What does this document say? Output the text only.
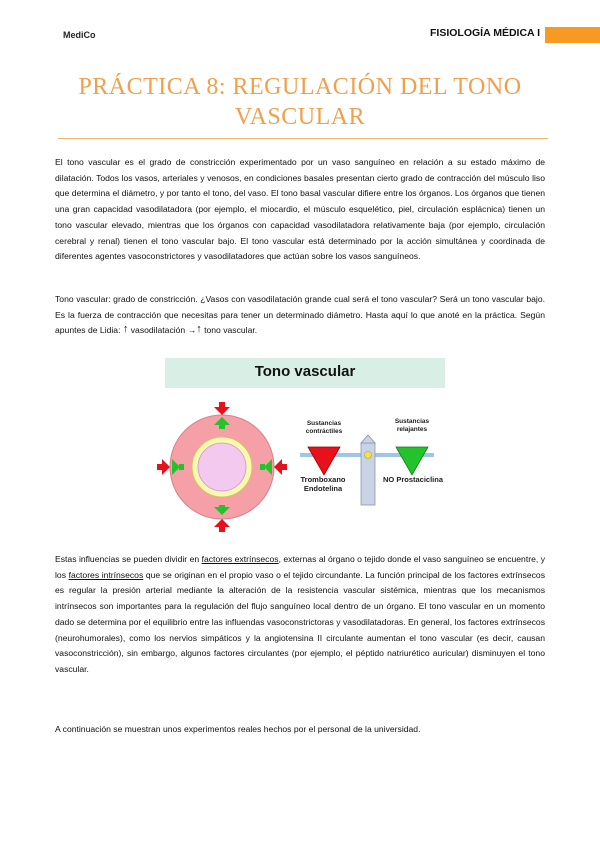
MediCo	FISIOLOGÍA MÉDICA I
PRÁCTICA 8: REGULACIÓN DEL TONO
VASCULAR
El tono vascular es el grado de constricción experimentado por un vaso sanguíneo en relación a su estado máximo de dilatación. Todos los vasos, arteriales y venosos, en condiciones basales presentan cierto grado de contracción del músculo liso que determina el diámetro, y por tanto el tono, del vaso. El tono basal vascular difiere entre los órganos. Los órganos que tienen una gran capacidad vasodilatadora (por ejemplo, el miocardio, el músculo esquelético, piel, circulación esplácnica) tienen un tono vascular elevado, mientras que los órganos con capacidad vasodilatadora relativamente baja (por ejemplo, circulación cerebral y renal) tienen el tono vascular bajo. El tono vascular está determinado por la acción simultánea y coordinada de diferentes agentes vasoconstrictores y vasodilatadores que actúan sobre los vasos sanguíneos.
Tono vascular: grado de constricción. ¿Vasos con vasodilatación grande cual será el tono vascular? Será un tono vascular bajo. Es la fuerza de contracción que necesitas para tener un determinado diámetro. Hasta aquí lo que anoté en la práctica. Según apuntes de Lidia: ↑ vasodilatación →↑ tono vascular.
Tono vascular
Sustancias contráctiles
Sustancias relajantes
Tromboxano Endotelina
NO Prostaciclina
Estas influencias se pueden dividir en factores extrínsecos, externas al órgano o tejido donde el vaso sanguíneo se encuentre, y los factores intrínsecos que se originan en el propio vaso o el tejido circundante. La función principal de los factores extrínsecos es regular la presión arterial mediante la alteración de la resistencia vascular sistémica, mientras que los mecanismos intrínsecos son importantes para la regulación del flujo sanguíneo local dentro de un órgano. El tono vascular en un momento dado se determina por el equilibrio entre las influendas vasoconstrictoras y vasodilatadoras. En general, los factores extrínsecos (neurohumorales), como los nervios simpáticos y la angiotensina II circulante aumentan el tono vascular (es decir, causan vasoconstricción), sin embargo, algunos factores circulantes (por ejemplo, el péptido natriurético auricular) disminuyen el tono vascular.
A continuación se muestran unos experimentos reales hechos por el personal de la universidad.
